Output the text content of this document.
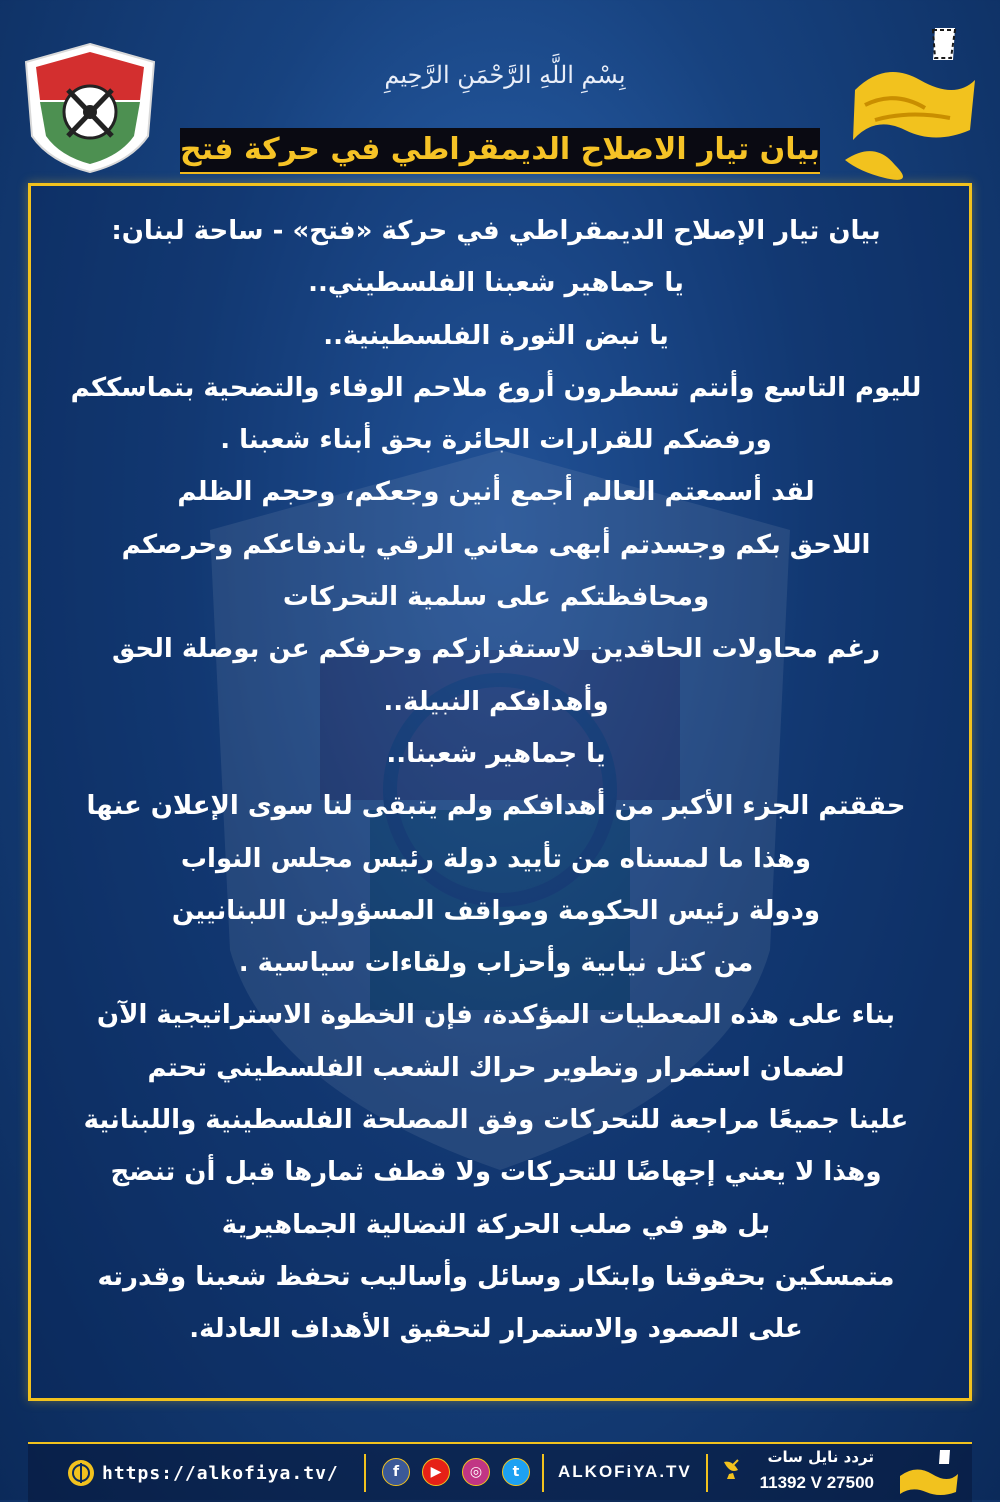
بِسْمِ اللَّهِ الرَّحْمَنِ الرَّحِيمِ
بيان تيار الاصلاح الديمقراطي في حركة فتح

بيان تيار الإصلاح الديمقراطي في حركة «فتح» - ساحة لبنان:

يا جماهير شعبنا الفلسطيني..

يا نبض الثورة الفلسطينية..

لليوم التاسع وأنتم تسطرون أروع ملاحم الوفاء والتضحية بتماسككم

ورفضكم للقرارات الجائرة بحق أبناء شعبنا .

لقد أسمعتم العالم أجمع أنين وجعكم، وحجم الظلم

اللاحق بكم وجسدتم أبهى معاني الرقي باندفاعكم وحرصكم

ومحافظتكم على سلمية التحركات

رغم محاولات الحاقدين لاستفزازكم وحرفكم عن بوصلة الحق

وأهدافكم النبيلة..

يا جماهير شعبنا..

حققتم الجزء الأكبر من أهدافكم ولم يتبقى لنا سوى الإعلان عنها

وهذا ما لمسناه من تأييد دولة رئيس مجلس النواب

ودولة رئيس الحكومة ومواقف المسؤولين اللبنانيين

من كتل نيابية وأحزاب ولقاءات سياسية .

بناء على هذه المعطيات المؤكدة، فإن الخطوة الاستراتيجية الآن

لضمان استمرار وتطوير حراك الشعب الفلسطيني تحتم

علينا جميعًا مراجعة للتحركات وفق المصلحة الفلسطينية واللبنانية

وهذا لا يعني إجهاضًا للتحركات ولا قطف ثمارها قبل أن تنضج

بل هو في صلب الحركة النضالية الجماهيرية

متمسكين بحقوقنا وابتكار وسائل وأساليب تحفظ شعبنا وقدرته

على الصمود والاستمرار لتحقيق الأهداف العادلة.

https://alkofiya.tv/	f	▶	◎	t	ALKOFiYA.TV
تردد نايل سات
11392 V 27500
